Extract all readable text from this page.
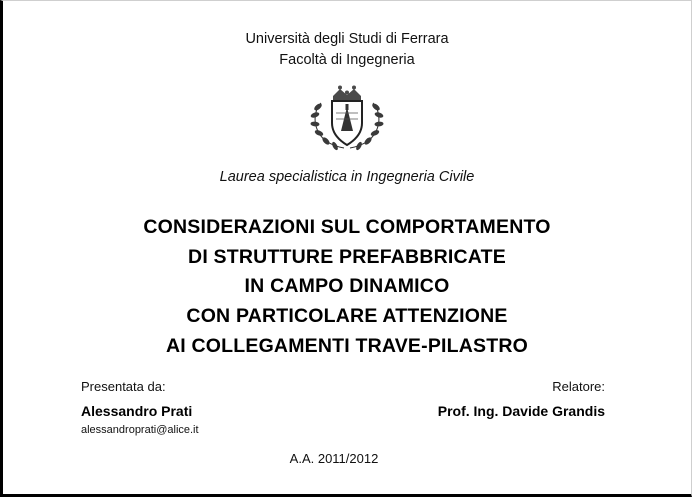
Università degli Studi di Ferrara
Facoltà di Ingegneria
Laurea specialistica in Ingegneria Civile
CONSIDERAZIONI SUL COMPORTAMENTO
DI STRUTTURE PREFABBRICATE
IN CAMPO DINAMICO
CON PARTICOLARE ATTENZIONE
AI COLLEGAMENTI TRAVE-PILASTRO
Presentata da:
Alessandro Prati
alessandroprati@alice.it
Relatore:
Prof. Ing. Davide Grandis
A.A. 2011/2012
